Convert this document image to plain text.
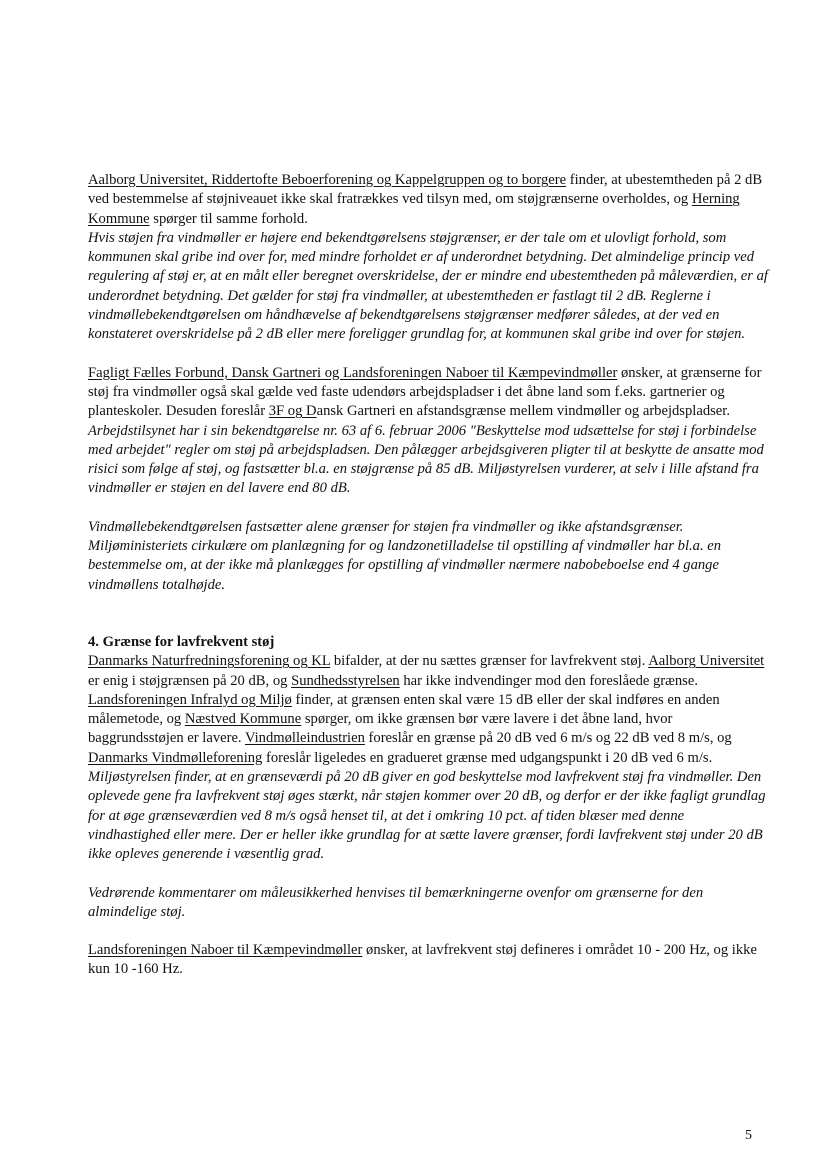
Aalborg Universitet, Riddertofte Beboerforening og Kappelgruppen og to borgere finder, at ubestemtheden på 2 dB ved bestemmelse af støjniveauet ikke skal fratrækkes ved tilsyn med, om støjgrænserne overholdes, og Herning Kommune spørger til samme forhold.

Hvis støjen fra vindmøller er højere end bekendtgørelsens støjgrænser, er der tale om et ulovligt forhold, som kommunen skal gribe ind over for, med mindre forholdet er af underordnet betydning. Det almindelige princip ved regulering af støj er, at en målt eller beregnet overskridelse, der er mindre end ubestemtheden på måleværdien, er af underordnet betydning. Det gælder for støj fra vindmøller, at ubestemtheden er fastlagt til 2 dB. Reglerne i vindmøllebekendtgørelsen om håndhævelse af bekendtgørelsens støjgrænser medfører således, at der ved en konstateret overskridelse på 2 dB eller mere foreligger grundlag for, at kommunen skal gribe ind over for støjen.

Fagligt Fælles Forbund, Dansk Gartneri og Landsforeningen Naboer til Kæmpevindmøller ønsker, at grænserne for støj fra vindmøller også skal gælde ved faste udendørs arbejdspladser i det åbne land som f.eks. gartnerier og planteskoler. Desuden foreslår 3F og Dansk Gartneri en afstandsgrænse mellem vindmøller og arbejdspladser.

Arbejdstilsynet har i sin bekendtgørelse nr. 63 af 6. februar 2006 "Beskyttelse mod udsættelse for støj i forbindelse med arbejdet" regler om støj på arbejdspladsen. Den pålægger arbejdsgiveren pligter til at beskytte de ansatte mod risici som følge af støj, og fastsætter bl.a. en støjgrænse på 85 dB. Miljøstyrelsen vurderer, at selv i lille afstand fra vindmøller er støjen en del lavere end 80 dB.

Vindmøllebekendtgørelsen fastsætter alene grænser for støjen fra vindmøller og ikke afstandsgrænser. Miljøministeriets cirkulære om planlægning for og landzonetilladelse til opstilling af vindmøller har bl.a. en bestemmelse om, at der ikke må planlægges for opstilling af vindmøller nærmere nabobeboelse end 4 gange vindmøllens totalhøjde.

4. Grænse for lavfrekvent støj

Danmarks Naturfredningsforening og KL bifalder, at der nu sættes grænser for lavfrekvent støj. Aalborg Universitet er enig i støjgrænsen på 20 dB, og Sundhedsstyrelsen har ikke indvendinger mod den foreslåede grænse. Landsforeningen Infralyd og Miljø finder, at grænsen enten skal være 15 dB eller der skal indføres en anden målemetode, og Næstved Kommune spørger, om ikke grænsen bør være lavere i det åbne land, hvor baggrundsstøjen er lavere. Vindmølleindustrien foreslår en grænse på 20 dB ved 6 m/s og 22 dB ved 8 m/s, og Danmarks Vindmølleforening foreslår ligeledes en gradueret grænse med udgangspunkt i 20 dB ved 6 m/s.

Miljøstyrelsen finder, at en grænseværdi på 20 dB giver en god beskyttelse mod lavfrekvent støj fra vindmøller. Den oplevede gene fra lavfrekvent støj øges stærkt, når støjen kommer over 20 dB, og derfor er der ikke fagligt grundlag for at øge grænseværdien ved 8 m/s også henset til, at det i omkring 10 pct. af tiden blæser med denne vindhastighed eller mere. Der er heller ikke grundlag for at sætte lavere grænser, fordi lavfrekvent støj under 20 dB ikke opleves generende i væsentlig grad.

Vedrørende kommentarer om måleusikkerhed henvises til bemærkningerne ovenfor om grænserne for den almindelige støj.

Landsforeningen Naboer til Kæmpevindmøller ønsker, at lavfrekvent støj defineres i området 10 - 200 Hz, og ikke kun 10 -160 Hz.

5
